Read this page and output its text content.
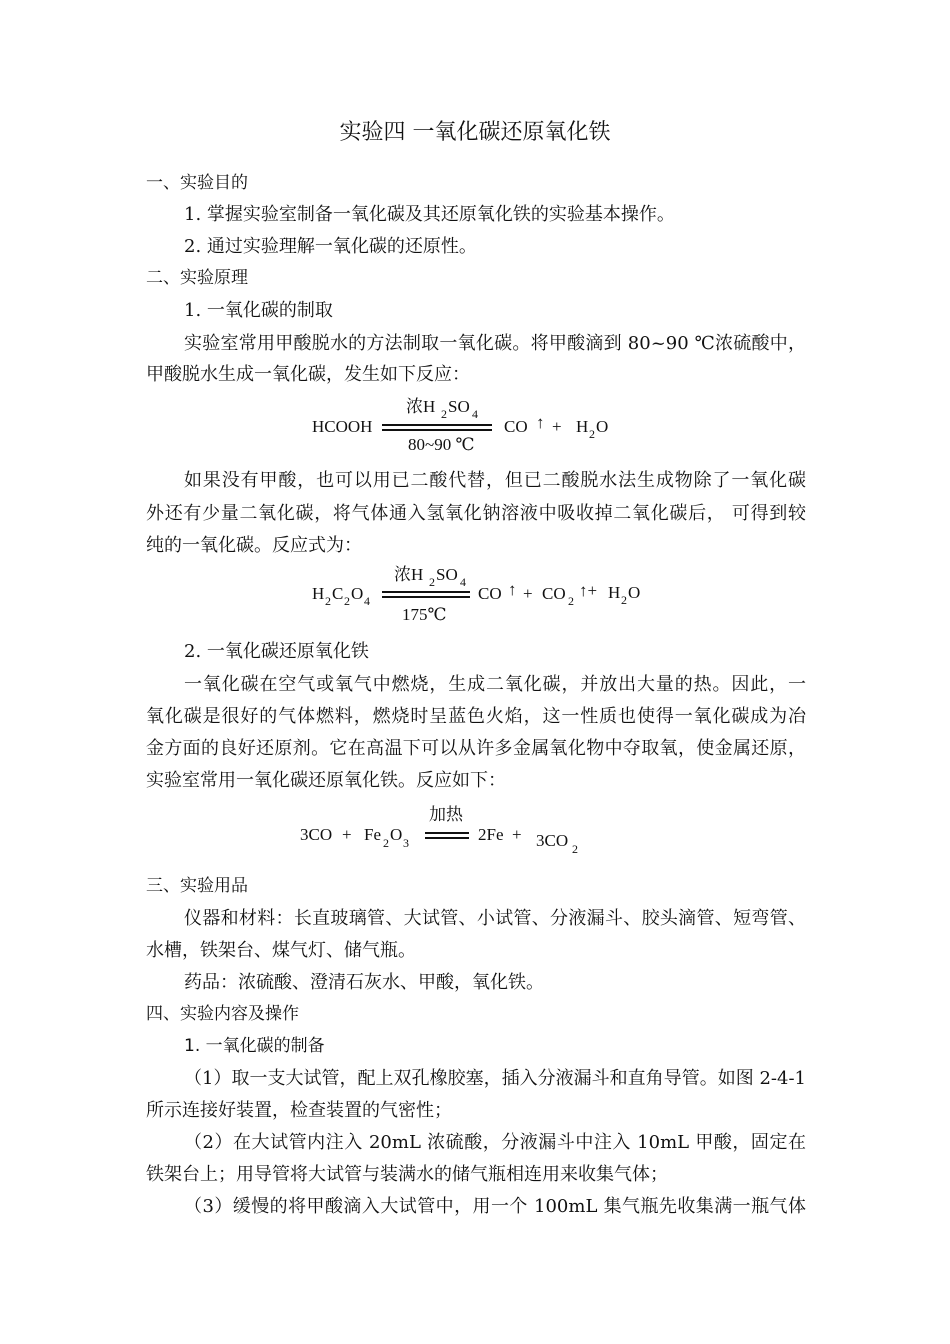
实验四 一氧化碳还原氧化铁
一、实验目的
1. 掌握实验室制备一氧化碳及其还原氧化铁的实验基本操作。
2. 通过实验理解一氧化碳的还原性。
二、实验原理
1. 一氧化碳的制取
实验室常用甲酸脱水的方法制取一氧化碳。将甲酸滴到 80~90 ℃浓硫酸中，
甲酸脱水生成一氧化碳，发生如下反应：
HCOOH
浓H 2 SO 4
80~90 ℃
CO ↑ + H 2 O
如果没有甲酸，也可以用已二酸代替，但已二酸脱水法生成物除了一氧化碳
外还有少量二氧化碳，将气体通入氢氧化钠溶液中吸收掉二氧化碳后， 可得到较
纯的一氧化碳。反应式为：
H 2 C 2 O 4
浓H 2 SO 4
175℃
CO ↑ + CO 2
↑+ H 2 O
2. 一氧化碳还原氧化铁
一氧化碳在空气或氧气中燃烧，生成二氧化碳，并放出大量的热。因此，一
氧化碳是很好的气体燃料，燃烧时呈蓝色火焰，这一性质也使得一氧化碳成为冶
金方面的良好还原剂。它在高温下可以从许多金属氧化物中夺取氧，使金属还原，
实验室常用一氧化碳还原氧化铁。反应如下：
3CO + Fe 2 O 3
加热
2Fe + 3CO 2
三、实验用品
仪器和材料：长直玻璃管、大试管、小试管、分液漏斗、胶头滴管、短弯管、
水槽，铁架台、煤气灯、储气瓶。
药品：浓硫酸、澄清石灰水、甲酸，氧化铁。
四、实验内容及操作
1. 一氧化碳的制备
（1）取一支大试管，配上双孔橡胶塞，插入分液漏斗和直角导管。如图 2-4-1
所示连接好装置，检查装置的气密性；
（2）在大试管内注入 20mL 浓硫酸，分液漏斗中注入 10mL 甲酸，固定在
铁架台上；用导管将大试管与装满水的储气瓶相连用来收集气体；
（3）缓慢的将甲酸滴入大试管中，用一个 100mL 集气瓶先收集满一瓶气体
